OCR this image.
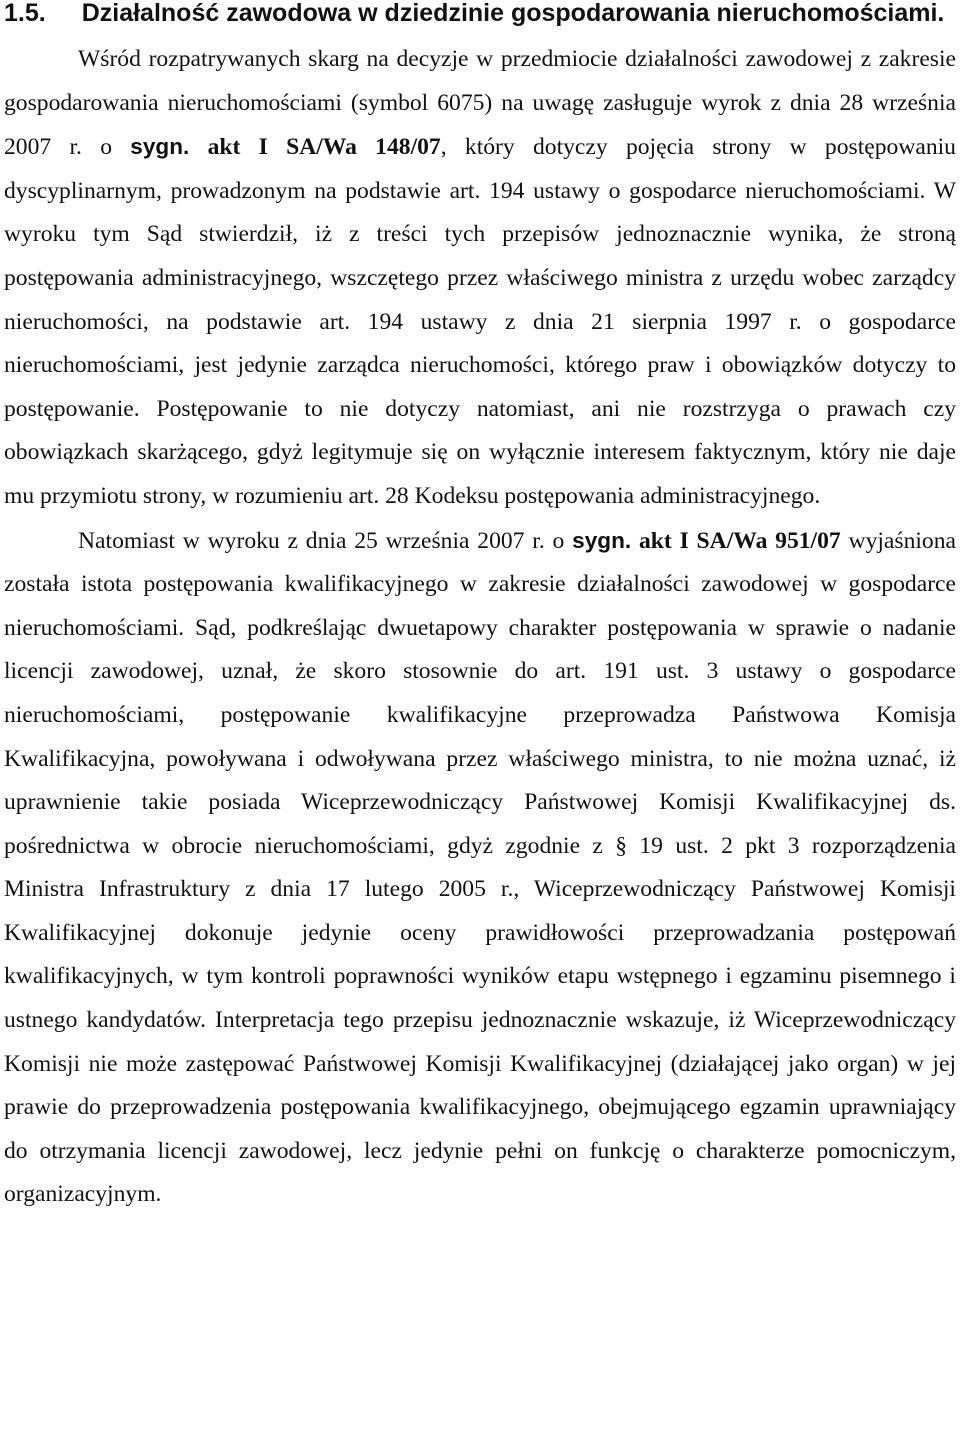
1.5. Działalność zawodowa w dziedzinie gospodarowania nieruchomościami.

Wśród rozpatrywanych skarg na decyzje w przedmiocie działalności zawodowej z zakresie gospodarowania nieruchomościami (symbol 6075) na uwagę zasługuje wyrok z dnia 28 września 2007 r. o sygn. akt I SA/Wa 148/07, który dotyczy pojęcia strony w postępowaniu dyscyplinarnym, prowadzonym na podstawie art. 194 ustawy o gospodarce nieruchomościami. W wyroku tym Sąd stwierdził, iż z treści tych przepisów jednoznacznie wynika, że stroną postępowania administracyjnego, wszczętego przez właściwego ministra z urzędu wobec zarządcy nieruchomości, na podstawie art. 194 ustawy z dnia 21 sierpnia 1997 r. o gospodarce nieruchomościami, jest jedynie zarządca nieruchomości, którego praw i obowiązków dotyczy to postępowanie. Postępowanie to nie dotyczy natomiast, ani nie rozstrzyga o prawach czy obowiązkach skarżącego, gdyż legitymuje się on wyłącznie interesem faktycznym, który nie daje mu przymiotu strony, w rozumieniu art. 28 Kodeksu postępowania administracyjnego.

Natomiast w wyroku z dnia 25 września 2007 r. o sygn. akt I SA/Wa 951/07 wyjaśniona została istota postępowania kwalifikacyjnego w zakresie działalności zawodowej w gospodarce nieruchomościami. Sąd, podkreślając dwuetapowy charakter postępowania w sprawie o nadanie licencji zawodowej, uznał, że skoro stosownie do art. 191 ust. 3 ustawy o gospodarce nieruchomościami, postępowanie kwalifikacyjne przeprowadza Państwowa Komisja Kwalifikacyjna, powoływana i odwoływana przez właściwego ministra, to nie można uznać, iż uprawnienie takie posiada Wiceprzewodniczący Państwowej Komisji Kwalifikacyjnej ds. pośrednictwa w obrocie nieruchomościami, gdyż zgodnie z § 19 ust. 2 pkt 3 rozporządzenia Ministra Infrastruktury z dnia 17 lutego 2005 r., Wiceprzewodniczący Państwowej Komisji Kwalifikacyjnej dokonuje jedynie oceny prawidłowości przeprowadzania postępowań kwalifikacyjnych, w tym kontroli poprawności wyników etapu wstępnego i egzaminu pisemnego i ustnego kandydatów. Interpretacja tego przepisu jednoznacznie wskazuje, iż Wiceprzewodniczący Komisji nie może zastępować Państwowej Komisji Kwalifikacyjnej (działającej jako organ) w jej prawie do przeprowadzenia postępowania kwalifikacyjnego, obejmującego egzamin uprawniający do otrzymania licencji zawodowej, lecz jedynie pełni on funkcję o charakterze pomocniczym, organizacyjnym.
